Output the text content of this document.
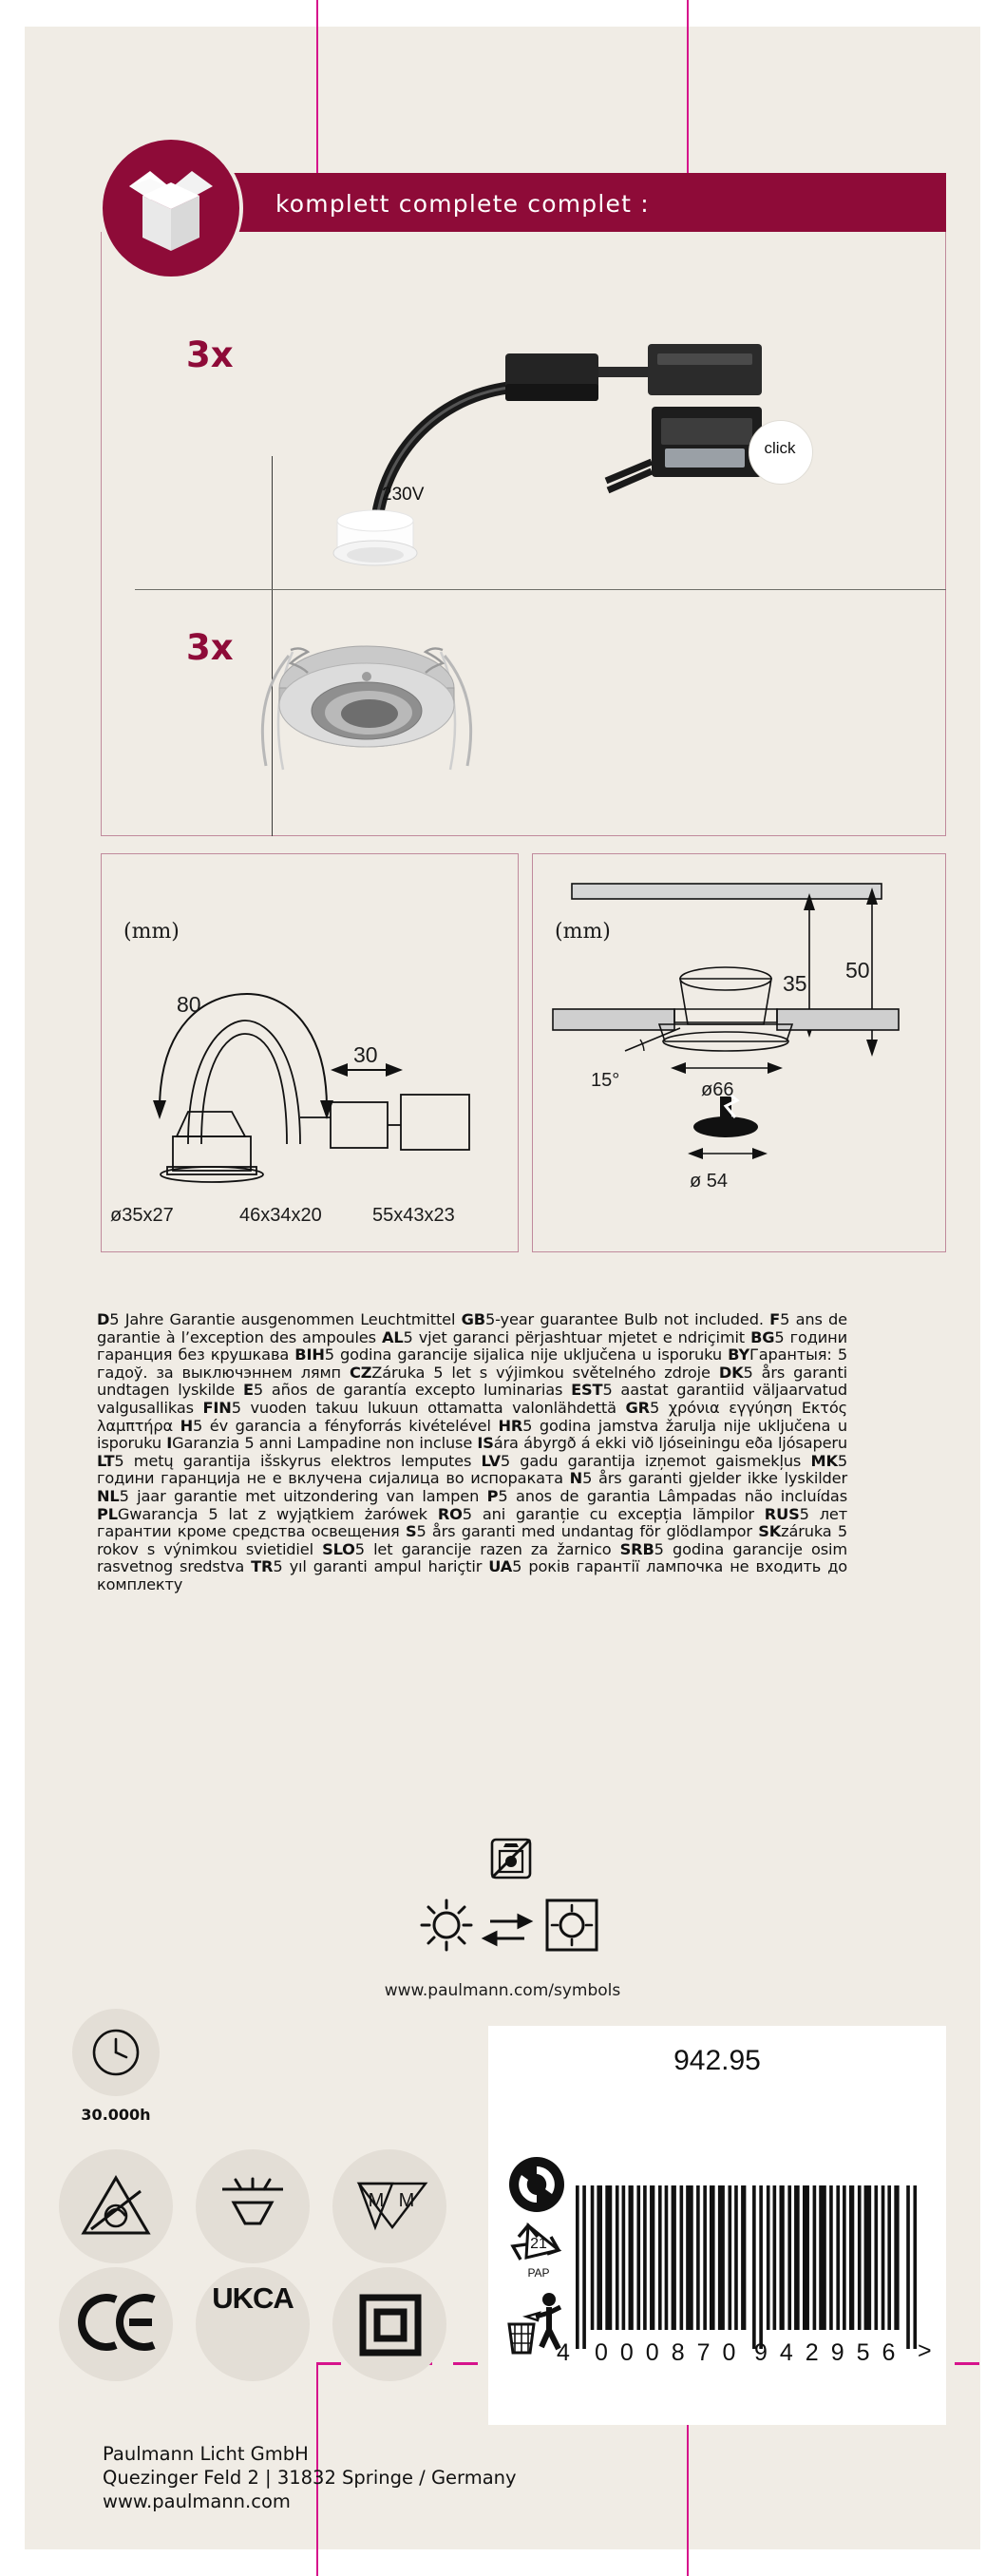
komplett complete complet :
3x
3x
230V
click
(mm)
80
30
ø35x27	46x34x20	55x43x23
(mm)
35
50
15°	ø66
ø 54
D5 Jahre Garantie ausgenommen Leuchtmittel GB5-year guarantee Bulb not included. F5 ans de garantie à l’exception des ampoules AL5 vjet garanci përjashtuar mjetet e ndriçimit BG5 години гаранция без крушкава BIH5 godina garancije sijalica nije uključena u isporuku BYГарантыя: 5 гадоў. за выключэннем лямп CZZáruka 5 let s výjimkou světelného zdroje DK5 års garanti undtagen lyskilde E5 años de garantía excepto luminarias EST5 aastat garantiid väljaarvatud valgusallikas FIN5 vuoden takuu lukuun ottamatta valonlähdettä GR5 χρόνια εγγύηση Εκτός λαμπτήρα H5 év garancia a fényforrás kivételével HR5 godina jamstva žarulja nije uključena u isporuku IGaranzia 5 anni Lampadine non incluse ISára ábyrgð á ekki við ljóseiningu eða ljósaperu LT5 metų garantija išskyrus elektros lemputes LV5 gadu garantija izņemot gaismekļus MK5 години гаранција не е вклучена сијалица во испораката N5 års garanti gjelder ikke lyskilder NL5 jaar garantie met uitzondering van lampen P5 anos de garantia Lâmpadas não incluídas PLGwarancja 5 lat z wyjątkiem żarówek RO5 ani garanție cu excepția lămpilor RUS5 лет гарантии кроме средства освещения S5 års garanti med undantag för glödlampor SKzáruka 5 rokov s výnimkou svietidiel SLO5 let garancije razen za žarnico SRB5 godina garancije osim rasvetnog sredstva TR5 yıl garanti ampul hariçtir UA5 років гарантії лампочка не входить до комплекту
www.paulmann.com/symbols
30.000h
M M
UKCA
942.95
21
PAP
4 000870 942956 >
Paulmann Licht GmbH
Quezinger Feld 2 | 31832 Springe / Germany
www.paulmann.com
